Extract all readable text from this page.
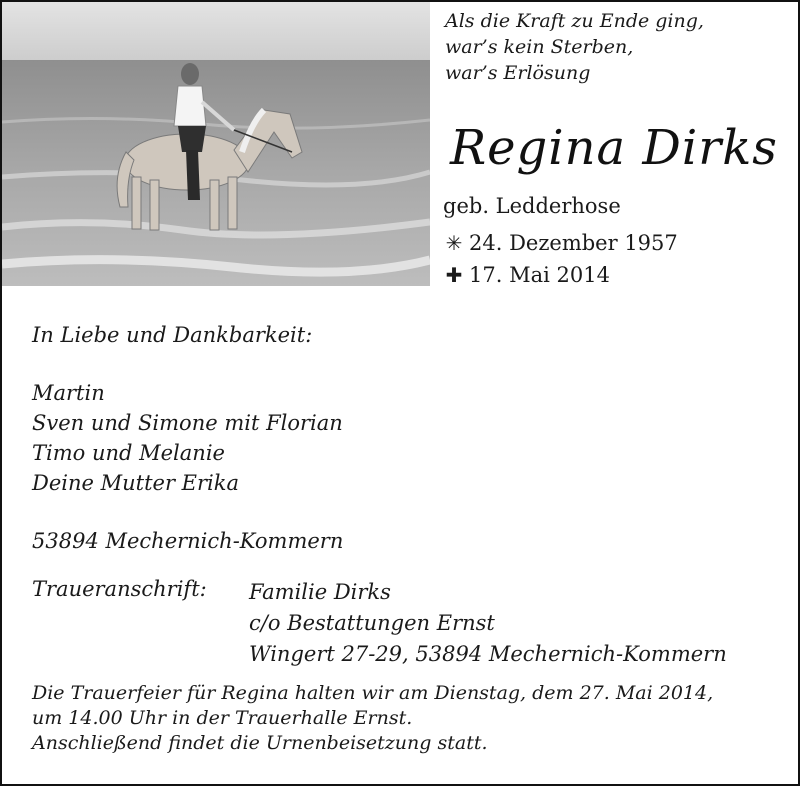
Als die Kraft zu Ende ging,
war’s kein Sterben,
war’s Erlösung
Regina Dirks
geb. Ledderhose
✳ 24. Dezember 1957
✚ 17. Mai 2014
In Liebe und Dankbarkeit:
Martin
Sven und Simone mit Florian
Timo und Melanie
Deine Mutter Erika
53894 Mechernich-Kommern
Traueranschrift: Familie Dirks
c/o Bestattungen Ernst
Wingert 27-29, 53894 Mechernich-Kommern
Die Trauerfeier für Regina halten wir am Dienstag, dem 27. Mai 2014,
um 14.00 Uhr in der Trauerhalle Ernst.
Anschließend findet die Urnenbeisetzung statt.
